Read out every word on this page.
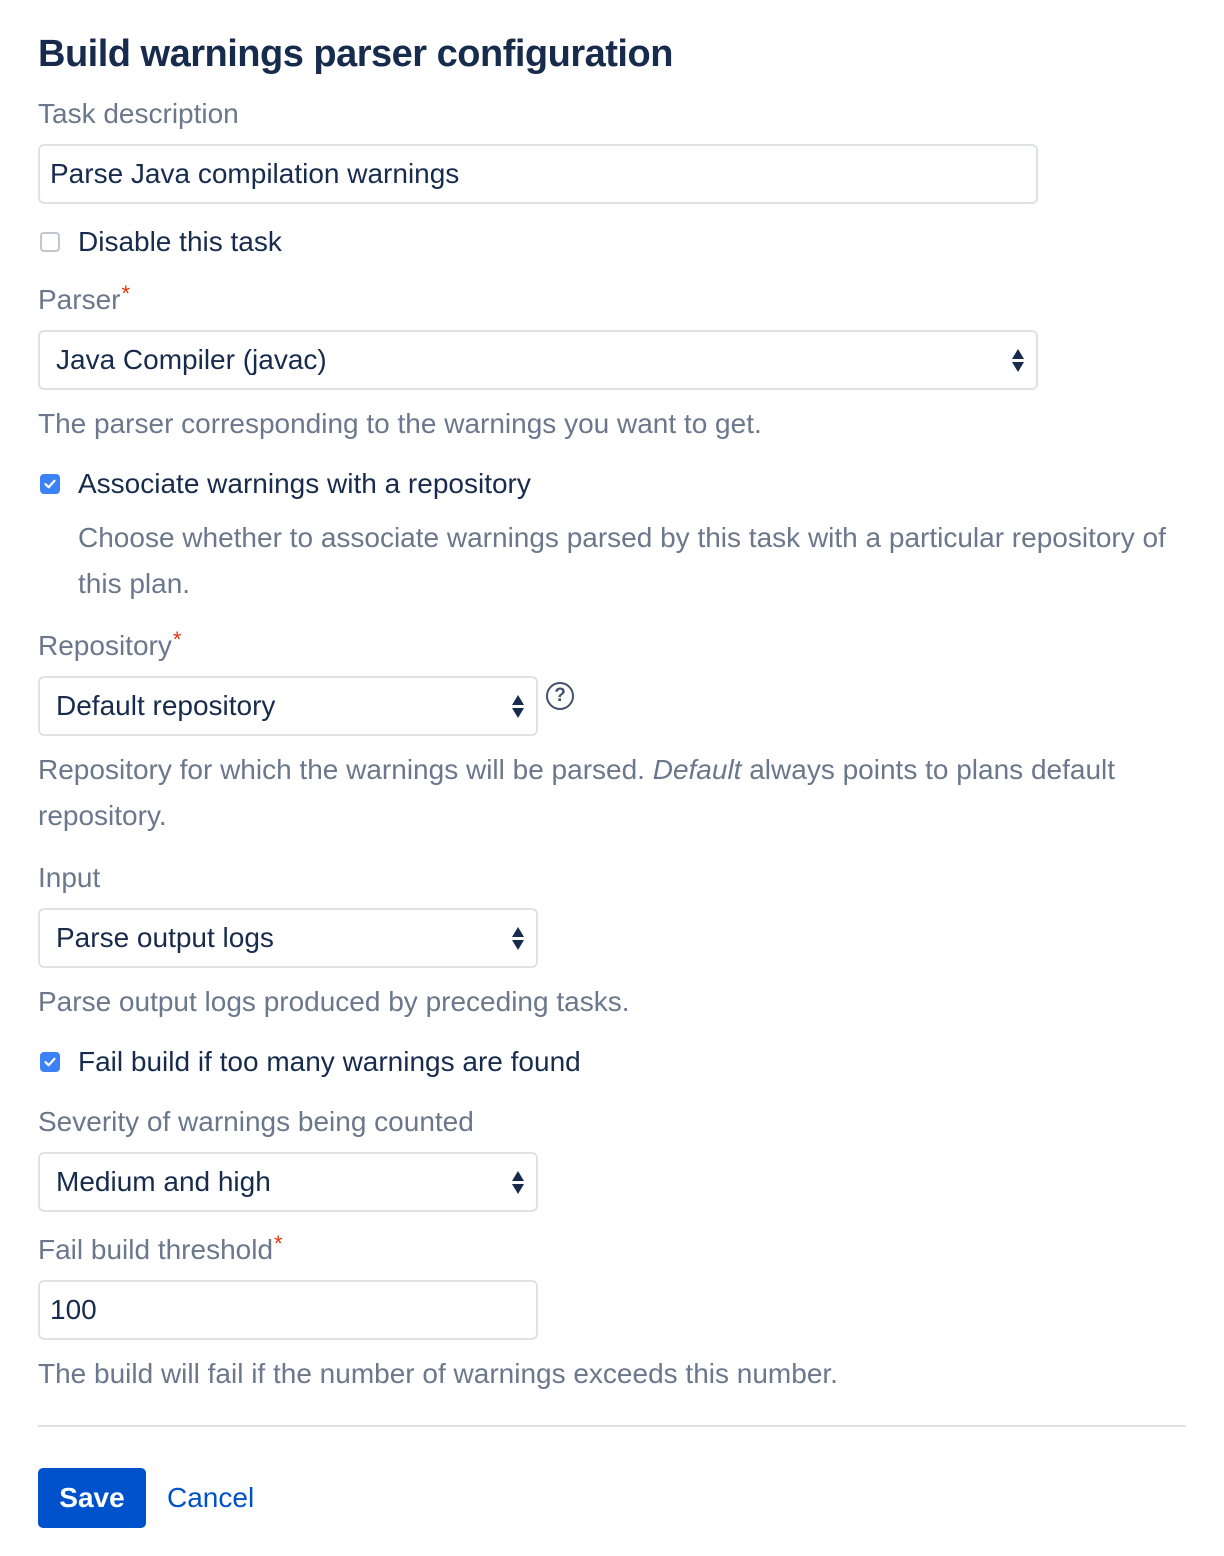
Build warnings parser configuration
Task description
Parse Java compilation warnings
Disable this task
Parser*
Java Compiler (javac)
The parser corresponding to the warnings you want to get.
Associate warnings with a repository
Choose whether to associate warnings parsed by this task with a particular repository of this plan.
Repository*
Default repository	?
Repository for which the warnings will be parsed. Default always points to plans default repository.
Input
Parse output logs
Parse output logs produced by preceding tasks.
Fail build if too many warnings are found
Severity of warnings being counted
Medium and high
Fail build threshold*
100
The build will fail if the number of warnings exceeds this number.
Save	Cancel
